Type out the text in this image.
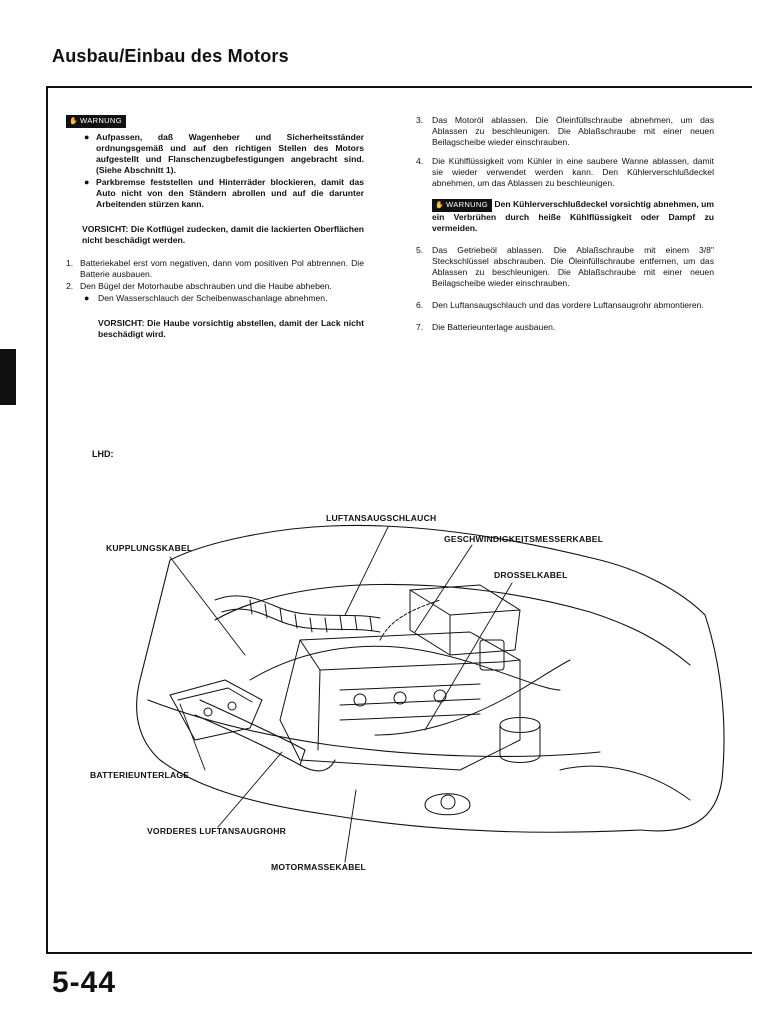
Ausbau/Einbau des Motors
✋ WARNUNG
● Aufpassen, daß Wagenheber und Sicherheitsständer ordnungsgemäß und auf den richtigen Stellen des Motors aufgestellt und Flanschenzugbefestigungen angebracht sind. (Siehe Abschnitt 1).
● Parkbremse feststellen und Hinterräder blockieren, damit das Auto nicht von den Ständern abrollen und auf die darunter Arbeitenden stürzen kann.
VORSICHT: Die Kotflügel zudecken, damit die lackierten Oberflächen nicht beschädigt werden.
1. Batteriekabel erst vom negativen, dann vom positiven Pol abtrennen. Die Batterie ausbauen.
2. Den Bügel der Motorhaube abschrauben und die Haube abheben.
● Den Wasserschlauch der Scheibenwaschanlage abnehmen.
VORSICHT: Die Haube vorsichtig abstellen, damit der Lack nicht beschädigt wird.
3. Das Motoröl ablassen. Die Öleinfüllschraube abnehmen, um das Ablassen zu beschleunigen. Die Ablaßschraube mit einer neuen Beilagscheibe wieder einschrauben.
4. Die Kühlflüssigkeit vom Kühler in eine saubere Wanne ablassen, damit sie wieder verwendet werden kann. Den Kühlerverschlußdeckel abnehmen, um das Ablassen zu beschleunigen.
✋ WARNUNG Den Kühlerverschlußdeckel vorsichtig abnehmen, um ein Verbrühen durch heiße Kühlflüssigkeit oder Dampf zu vermeiden.
5. Das Getriebeöl ablassen. Die Ablaßschraube mit einem 3/8" Steckschlüssel abschrauben. Die Öleinfüllschraube entfernen, um das Ablassen zu beschleunigen. Die Ablaßschraube mit einer neuen Beilagscheibe wieder einschrauben.
6. Den Luftansaugschlauch und das vordere Luftansaugrohr abmontieren.
7. Die Batterieunterlage ausbauen.
LHD:
LUFTANSAUGSCHLAUCH
KUPPLUNGSKABEL
GESCHWINDIGKEITSMESSERKABEL
DROSSELKABEL
BATTERIEUNTERLAGE
VORDERES LUFTANSAUGROHR
MOTORMASSEKABEL
5-44
